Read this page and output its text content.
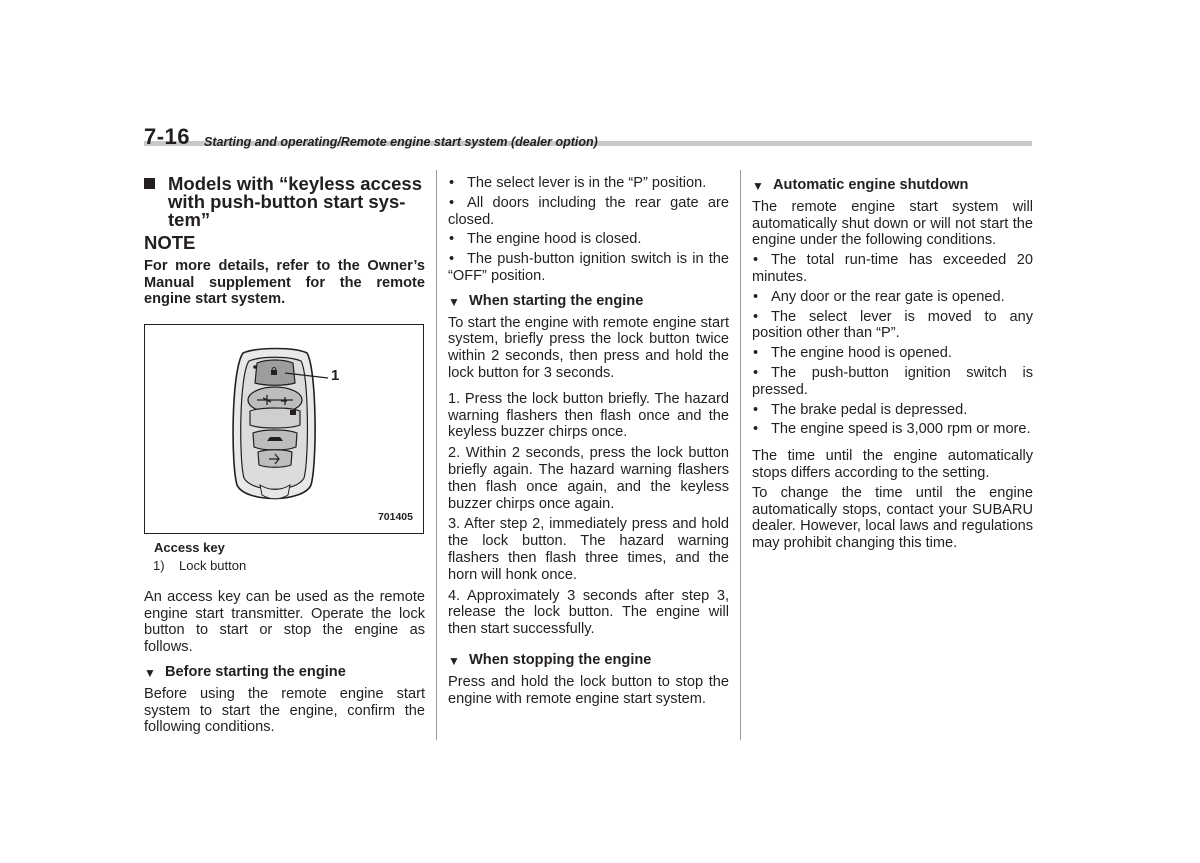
7-16 Starting and operating/Remote engine start system (dealer option)
Models with “keyless access with push-button start sys-tem”
NOTE

For more details, refer to the Owner’s Manual supplement for the remote engine start system.

1
701405
Access key
1)    Lock button

An access key can be used as the remote engine start transmitter. Operate the lock button to start or stop the engine as follows.

▼ Before starting the engine

Before using the remote engine start system to start the engine, confirm the following conditions.

• The select lever is in the “P” position.

• All doors including the rear gate are closed.

• The engine hood is closed.

• The push-button ignition switch is in the “OFF” position.

▼ When starting the engine

To start the engine with remote engine start system, briefly press the lock button twice within 2 seconds, then press and hold the lock button for 3 seconds.

1. Press the lock button briefly. The hazard warning flashers then flash once and the keyless buzzer chirps once.

2. Within 2 seconds, press the lock button briefly again. The hazard warning flashers then flash once again, and the keyless buzzer chirps once again.

3. After step 2, immediately press and hold the lock button. The hazard warning flashers then flash three times, and the horn will honk once.

4. Approximately 3 seconds after step 3, release the lock button. The engine will then start successfully.

▼ When stopping the engine

Press and hold the lock button to stop the engine with remote engine start system.

▼ Automatic engine shutdown

The remote engine start system will automatically shut down or will not start the engine under the following conditions.

• The total run-time has exceeded 20 minutes.

• Any door or the rear gate is opened.

• The select lever is moved to any position other than “P”.

• The engine hood is opened.

• The push-button ignition switch is pressed.

• The brake pedal is depressed.

• The engine speed is 3,000 rpm or more.

The time until the engine automatically stops differs according to the setting.

To change the time until the engine automatically stops, contact your SUBARU dealer. However, local laws and regulations may prohibit changing this time.
